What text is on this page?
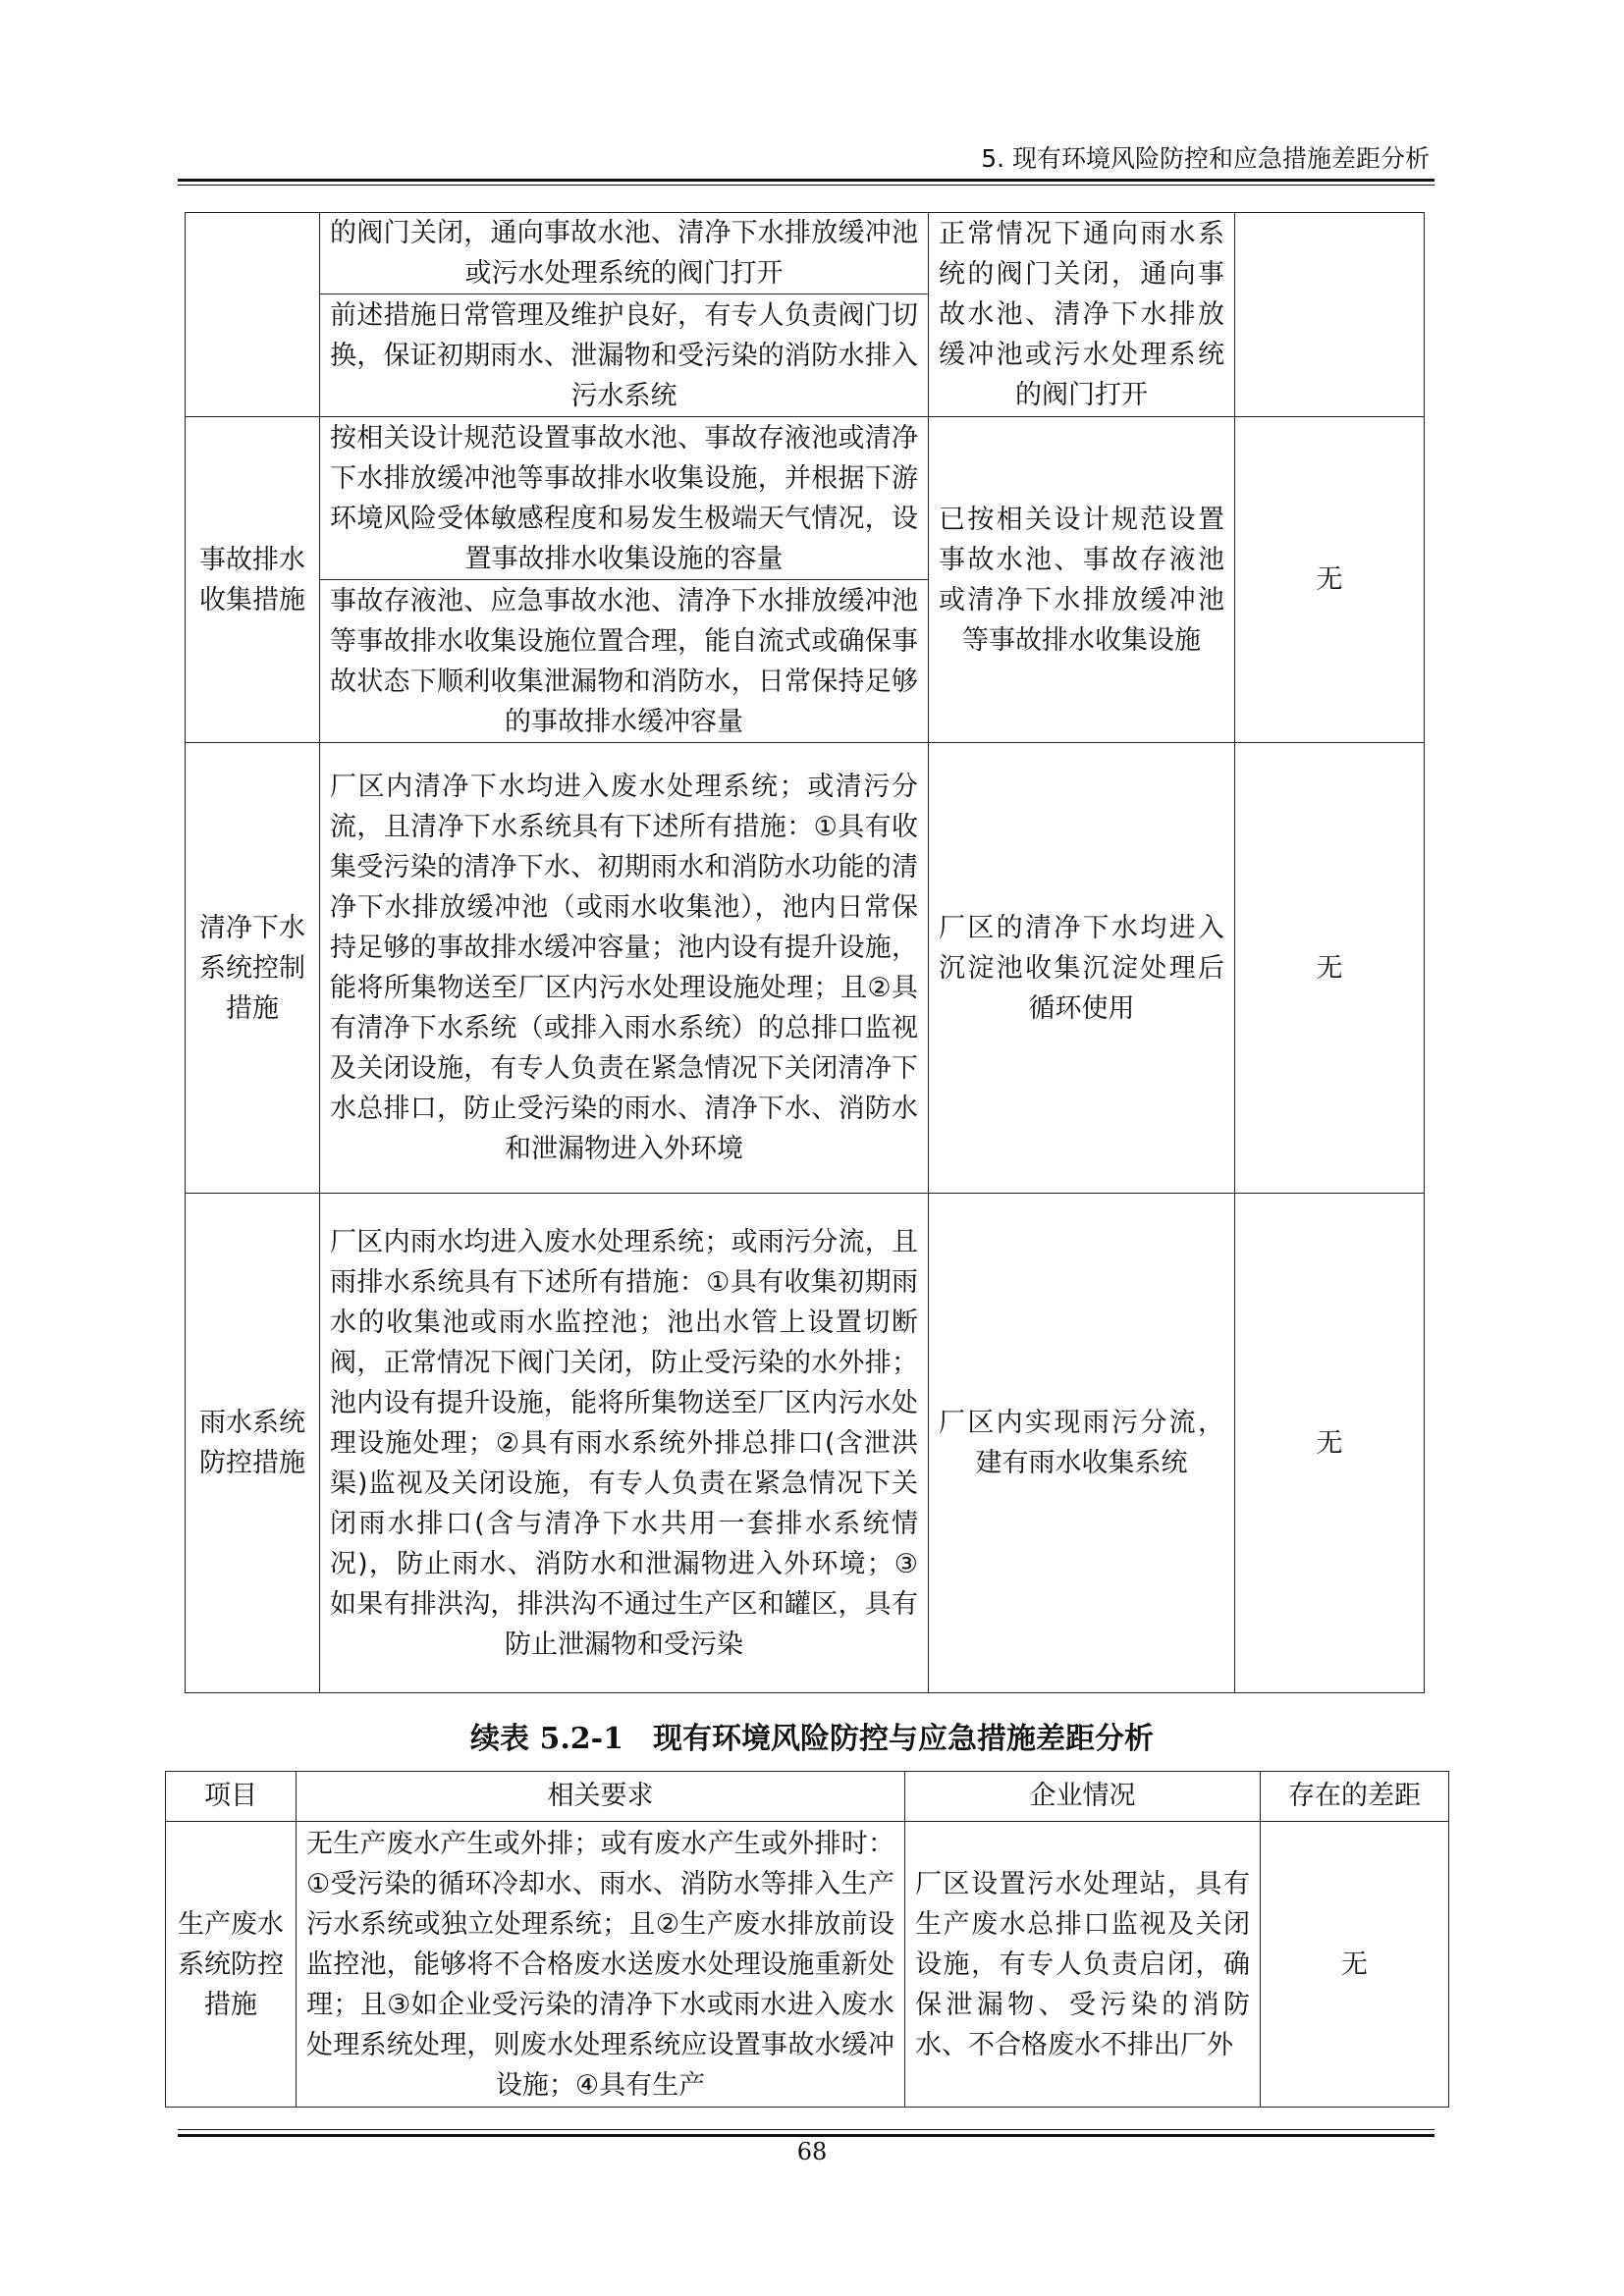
5. 现有环境风险防控和应急措施差距分析
	的阀门关闭，通向事故水池、清净下水排放缓冲池或污水处理系统的阀门打开	正常情况下通向雨水系统的阀门关闭，通向事故水池、清净下水排放缓冲池或污水处理系统的阀门打开	
	前述措施日常管理及维护良好，有专人负责阀门切换，保证初期雨水、泄漏物和受污染的消防水排入污水系统		
事故排水收集措施	按相关设计规范设置事故水池、事故存液池或清净下水排放缓冲池等事故排水收集设施，并根据下游环境风险受体敏感程度和易发生极端天气情况，设置事故排水收集设施的容量	已按相关设计规范设置事故水池、事故存液池或清净下水排放缓冲池等事故排水收集设施	无
	事故存液池、应急事故水池、清净下水排放缓冲池等事故排水收集设施位置合理，能自流式或确保事故状态下顺利收集泄漏物和消防水，日常保持足够的事故排水缓冲容量		
清净下水系统控制措施	厂区内清净下水均进入废水处理系统；或清污分流，且清净下水系统具有下述所有措施：①具有收集受污染的清净下水、初期雨水和消防水功能的清净下水排放缓冲池（或雨水收集池），池内日常保持足够的事故排水缓冲容量；池内设有提升设施，能将所集物送至厂区内污水处理设施处理；且②具有清净下水系统（或排入雨水系统）的总排口监视及关闭设施，有专人负责在紧急情况下关闭清净下水总排口，防止受污染的雨水、清净下水、消防水和泄漏物进入外环境	厂区的清净下水均进入沉淀池收集沉淀处理后循环使用	无
雨水系统防控措施	厂区内雨水均进入废水处理系统；或雨污分流，且雨排水系统具有下述所有措施：①具有收集初期雨水的收集池或雨水监控池；池出水管上设置切断阀，正常情况下阀门关闭，防止受污染的水外排；池内设有提升设施，能将所集物送至厂区内污水处理设施处理；②具有雨水系统外排总排口(含泄洪渠)监视及关闭设施，有专人负责在紧急情况下关闭雨水排口(含与清净下水共用一套排水系统情况)，防止雨水、消防水和泄漏物进入外环境；③如果有排洪沟，排洪沟不通过生产区和罐区，具有防止泄漏物和受污染	厂区内实现雨污分流，建有雨水收集系统	无
续表 5.2-1　现有环境风险防控与应急措施差距分析
项目	相关要求	企业情况	存在的差距
生产废水系统防控措施	无生产废水产生或外排；或有废水产生或外排时：①受污染的循环冷却水、雨水、消防水等排入生产污水系统或独立处理系统；且②生产废水排放前设监控池，能够将不合格废水送废水处理设施重新处理；且③如企业受污染的清净下水或雨水进入废水处理系统处理，则废水处理系统应设置事故水缓冲设施；④具有生产	厂区设置污水处理站，具有生产废水总排口监视及关闭设施，有专人负责启闭，确保泄漏物、受污染的消防水、不合格废水不排出厂外	无
68
